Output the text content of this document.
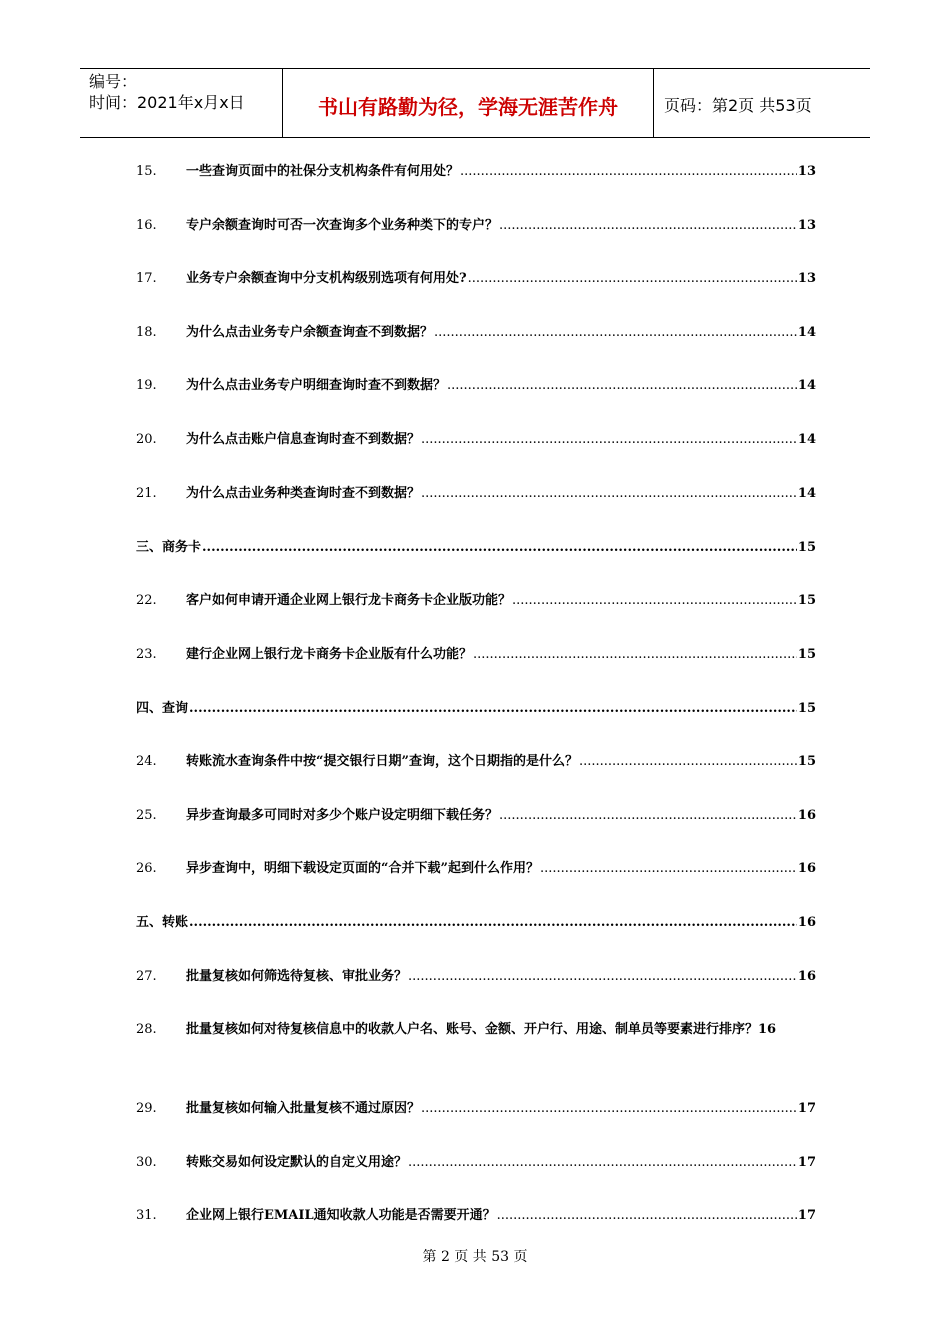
编号：
时间：2021年x月x日	书山有路勤为径，学海无涯苦作舟	页码：第2页 共53页
15.	一些查询页面中的社保分支机构条件有何用处？ .....	13
16.	专户余额查询时可否一次查询多个业务种类下的专户？ .....	13
17.	业务专户余额查询中分支机构级别选项有何用处? .....	13
18.	为什么点击业务专户余额查询查不到数据？ .....	14
19.	为什么点击业务专户明细查询时查不到数据？ .....	14
20.	为什么点击账户信息查询时查不到数据？ .....	14
21.	为什么点击业务种类查询时查不到数据？ .....	14
三、商务卡 .....	15
22.	客户如何申请开通企业网上银行龙卡商务卡企业版功能？ .....	15
23.	建行企业网上银行龙卡商务卡企业版有什么功能？ .....	15
四、查询 .....	15
24.	转账流水查询条件中按“提交银行日期”查询，这个日期指的是什么？ .....	15
25.	异步查询最多可同时对多少个账户设定明细下载任务？ .....	16
26.	异步查询中，明细下载设定页面的“合并下载”起到什么作用？ .....	16
五、转账 .....	16
27.	批量复核如何筛选待复核、审批业务？ .....	16
28.	批量复核如何对待复核信息中的收款人户名、账号、金额、开户行、用途、制单员等要素进行排序？16
29.	批量复核如何输入批量复核不通过原因？ .....	17
30.	转账交易如何设定默认的自定义用途？ .....	17
31.	企业网上银行EMAIL通知收款人功能是否需要开通？ .....	17
第 2 页 共 53 页
